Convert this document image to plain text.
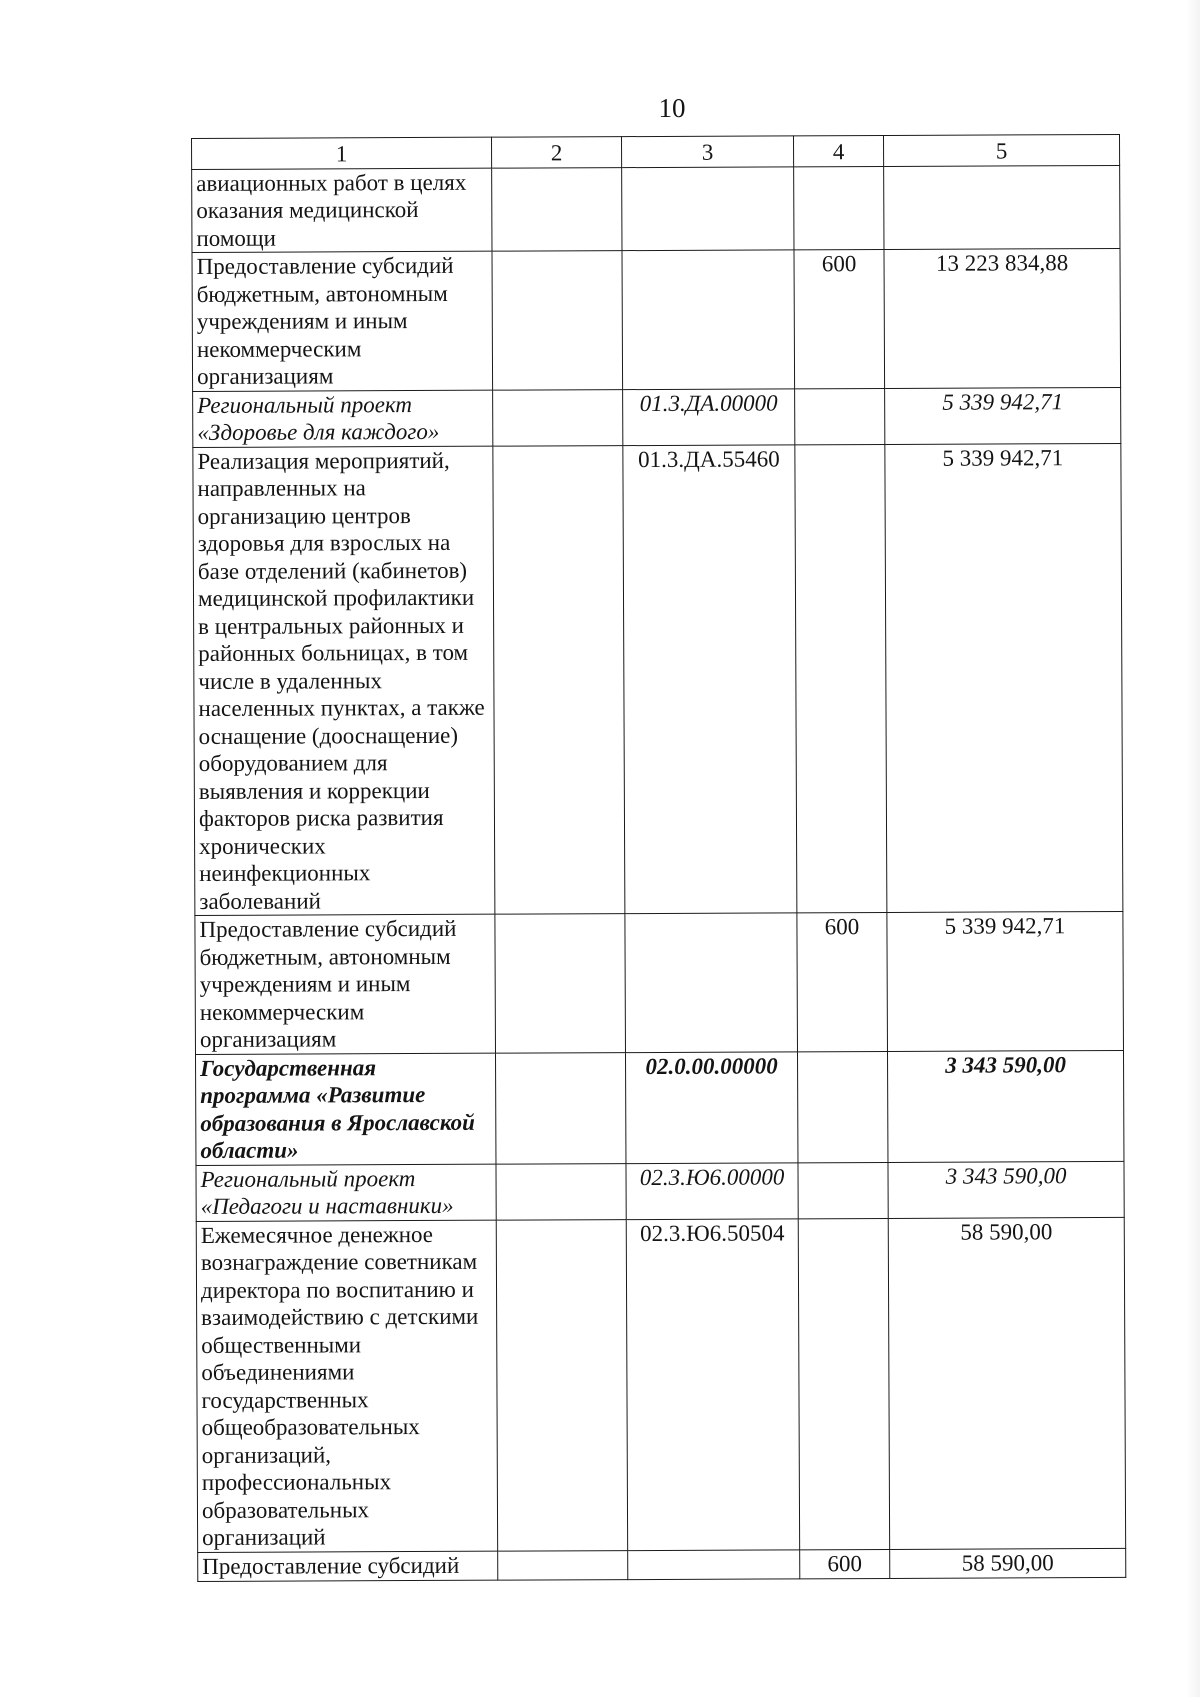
10
1	2	3	4	5
авиационных работ в целях оказания медицинской помощи				
Предоставление субсидий бюджетным, автономным учреждениям и иным некоммерческим организациям			600	13 223 834,88
Региональный проект «Здоровье для каждого»		01.3.ДА.00000		5 339 942,71
Реализация мероприятий, направленных на организацию центров здоровья для взрослых на базе отделений (кабинетов) медицинской профилактики в центральных районных и районных больницах, в том числе в удаленных населенных пунктах, а также оснащение (дооснащение) оборудованием для выявления и коррекции факторов риска развития хронических неинфекционных заболеваний		01.3.ДА.55460		5 339 942,71
Предоставление субсидий бюджетным, автономным учреждениям и иным некоммерческим организациям			600	5 339 942,71
Государственная программа «Развитие образования в Ярославской области»		02.0.00.00000		3 343 590,00
Региональный проект «Педагоги и наставники»		02.3.Ю6.00000		3 343 590,00
Ежемесячное денежное вознаграждение советникам директора по воспитанию и взаимодействию с детскими общественными объединениями государственных общеобразовательных организаций, профессиональных образовательных организаций		02.3.Ю6.50504		58 590,00
Предоставление субсидий			600	58 590,00
